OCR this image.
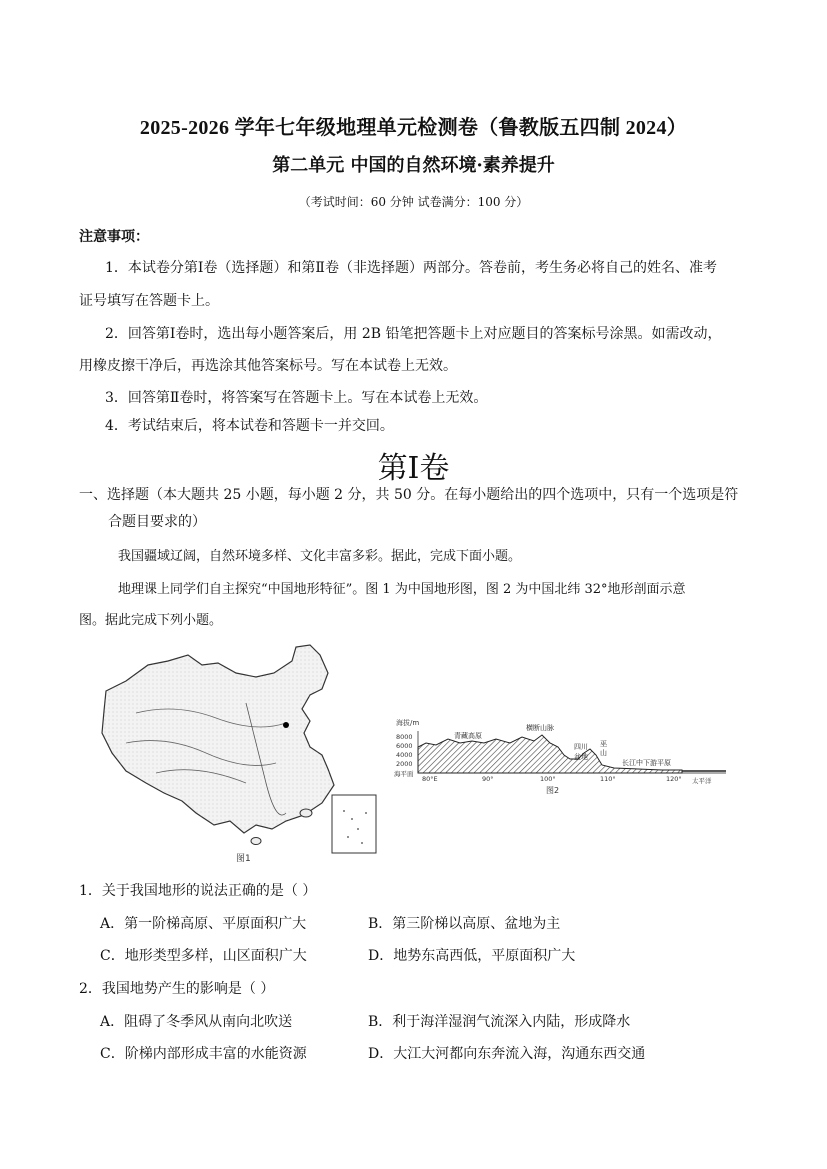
2025-2026 学年七年级地理单元检测卷（鲁教版五四制 2024）
第二单元 中国的自然环境·素养提升
（考试时间：60 分钟 试卷满分：100 分）
注意事项：
1．本试卷分第Ⅰ卷（选择题）和第Ⅱ卷（非选择题）两部分。答卷前，考生务必将自己的姓名、准考
证号填写在答题卡上。
2．回答第Ⅰ卷时，选出每小题答案后，用 2B 铅笔把答题卡上对应题目的答案标号涂黑。如需改动，
用橡皮擦干净后，再选涂其他答案标号。写在本试卷上无效。
3．回答第Ⅱ卷时，将答案写在答题卡上。写在本试卷上无效。
4．考试结束后，将本试卷和答题卡一并交回。
第Ⅰ卷
一、选择题（本大题共 25 小题，每小题 2 分，共 50 分。在每小题给出的四个选项中，只有一个选项是符
合题目要求的）
我国疆域辽阔，自然环境多样、文化丰富多彩。据此，完成下面小题。
地理课上同学们自主探究“中国地形特征”。图 1 为中国地形图，图 2 为中国北纬 32°地形剖面示意
图。据此完成下列小题。
图1
海拔/m
8000
6000
4000
2000
海平面
青藏高原
横断山脉
四川
盆地
巫
山
长江中下游平原
80°E	90°	100°	110°	120° 太平洋
图2
1．关于我国地形的说法正确的是（ ）
A．第一阶梯高原、平原面积广大	B．第三阶梯以高原、盆地为主
C．地形类型多样，山区面积广大	D．地势东高西低，平原面积广大
2．我国地势产生的影响是（ ）
A．阻碍了冬季风从南向北吹送	B．利于海洋湿润气流深入内陆，形成降水
C．阶梯内部形成丰富的水能资源	D．大江大河都向东奔流入海，沟通东西交通
